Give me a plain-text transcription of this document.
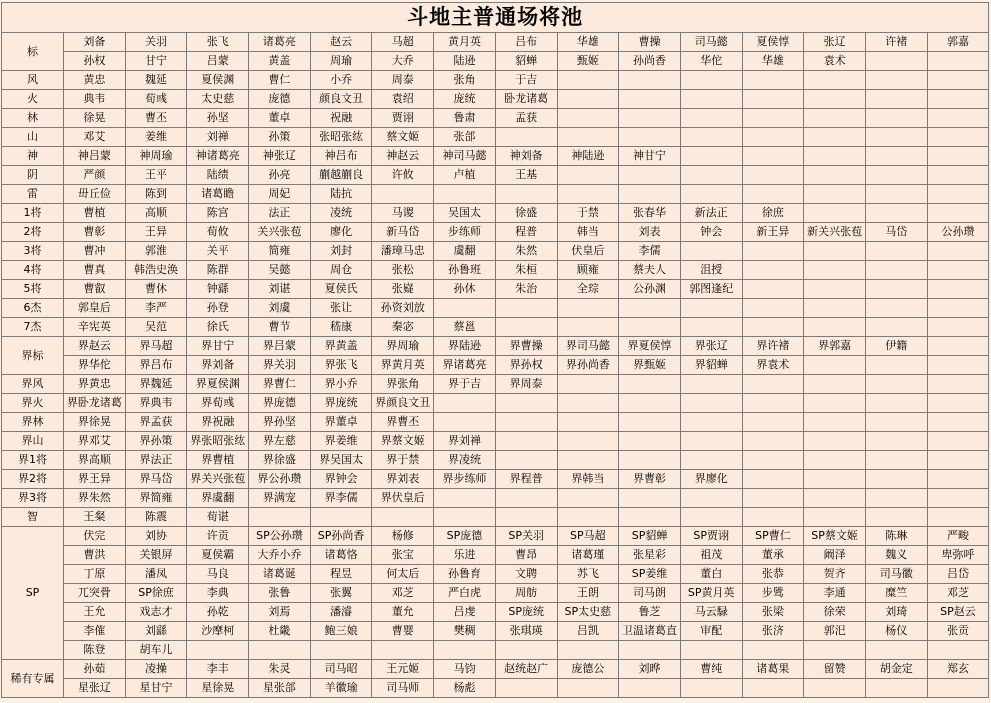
斗地主普通场将池															
标	刘备	关羽	张飞	诸葛亮	赵云	马超	黄月英	吕布	华雄	曹操	司马懿	夏侯惇	张辽	许褚	郭嘉
	孙权	甘宁	吕蒙	黄盖	周瑜	大乔	陆逊	貂蝉	甄姬	孙尚香	华佗	华雄	袁术		
风	黄忠	魏延	夏侯渊	曹仁	小乔	周泰	张角	于吉							
火	典韦	荀彧	太史慈	庞德	颜良文丑	袁绍	庞统	卧龙诸葛							
林	徐晃	曹丕	孙坚	董卓	祝融	贾诩	鲁肃	孟获							
山	邓艾	姜维	刘禅	孙策	张昭张纮	蔡文姬	张郃								
神	神吕蒙	神周瑜	神诸葛亮	神张辽	神吕布	神赵云	神司马懿	神刘备	神陆逊	神甘宁					
阴	严颜	王平	陆绩	孙亮	蒯越蒯良	许攸	卢植	王基							
雷	毌丘俭	陈到	诸葛瞻	周妃	陆抗										
1将	曹植	高顺	陈宫	法正	凌统	马谡	吴国太	徐盛	于禁	张春华	新法正	徐庶			
2将	曹彰	王异	荀攸	关兴张苞	廖化	新马岱	步练师	程普	韩当	刘表	钟会	新王异	新关兴张苞	马岱	公孙瓒
3将	曹冲	郭淮	关平	简雍	刘封	潘璋马忠	虞翻	朱然	伏皇后	李儒					
4将	曹真	韩浩史涣	陈群	吴懿	周仓	张松	孙鲁班	朱桓	顾雍	蔡夫人	沮授				
5将	曹叡	曹休	钟繇	刘谌	夏侯氏	张嶷	孙休	朱治	全琮	公孙渊	郭图逢纪				
6杰	郭皇后	李严	孙登	刘虞	张让	孙资刘放									
7杰	辛宪英	吴范	徐氏	曹节	嵇康	秦宓	蔡邕								
界标	界赵云	界马超	界甘宁	界吕蒙	界黄盖	界周瑜	界陆逊	界曹操	界司马懿	界夏侯惇	界张辽	界许褚	界郭嘉	伊籍	
	界华佗	界吕布	界刘备	界关羽	界张飞	界黄月英	界诸葛亮	界孙权	界孙尚香	界甄姬	界貂蝉	界袁术			
界风	界黄忠	界魏延	界夏侯渊	界曹仁	界小乔	界张角	界于吉	界周泰							
界火	界卧龙诸葛	界典韦	界荀彧	界庞德	界庞统	界颜良文丑									
界林	界徐晃	界孟获	界祝融	界孙坚	界董卓	界曹丕									
界山	界邓艾	界孙策	界张昭张纮	界左慈	界姜维	界蔡文姬	界刘禅								
界1将	界高顺	界法正	界曹植	界徐盛	界吴国太	界于禁	界凌统								
界2将	界王异	界马岱	界关兴张苞	界公孙瓒	界钟会	界刘表	界步练师	界程普	界韩当	界曹彰	界廖化				
界3将	界朱然	界简雍	界虞翻	界满宠	界李儒	界伏皇后									
智	王粲	陈震	荀谌												
SP	伏完	刘协	许贡	SP公孙瓒	SP孙尚香	杨修	SP庞德	SP关羽	SP马超	SP貂蝉	SP贾诩	SP曹仁	SP蔡文姬	陈琳	严畯
	曹洪	关银屏	夏侯霸	大乔小乔	诸葛恪	张宝	乐进	曹昂	诸葛瑾	张星彩	祖茂	董承	阚泽	魏义	卑弥呼
	丁原	潘凤	马良	诸葛诞	程昱	何太后	孙鲁育	文聘	苏飞	SP姜维	董白	张恭	贺齐	司马徽	吕岱
	兀突骨	SP徐庶	李典	张鲁	张翼	邓芝	严白虎	周舫	王朗	司马朗	SP黄月英	步骘	李通	糜竺	邓芝
	王允	戏志才	孙乾	刘焉	潘濬	董允	吕虔	SP庞统	SP太史慈	鲁芝	马云騄	张梁	徐荣	刘琦	SP赵云
	李傕	刘繇	沙摩柯	杜畿	鲍三娘	曹婴	樊稠	张琪瑛	吕凯	卫温诸葛直	审配	张济	郭汜	杨仪	张贡
	陈登	胡车儿													
稀有专属	孙茹	凌操	李丰	朱灵	司马昭	王元姬	马钧	赵统赵广	庞德公	刘晔	曹纯	诸葛果	留赞	胡金定	郑玄
	星张辽	星甘宁	星徐晃	星张郃	羊徽瑜	司马师	杨彪								
